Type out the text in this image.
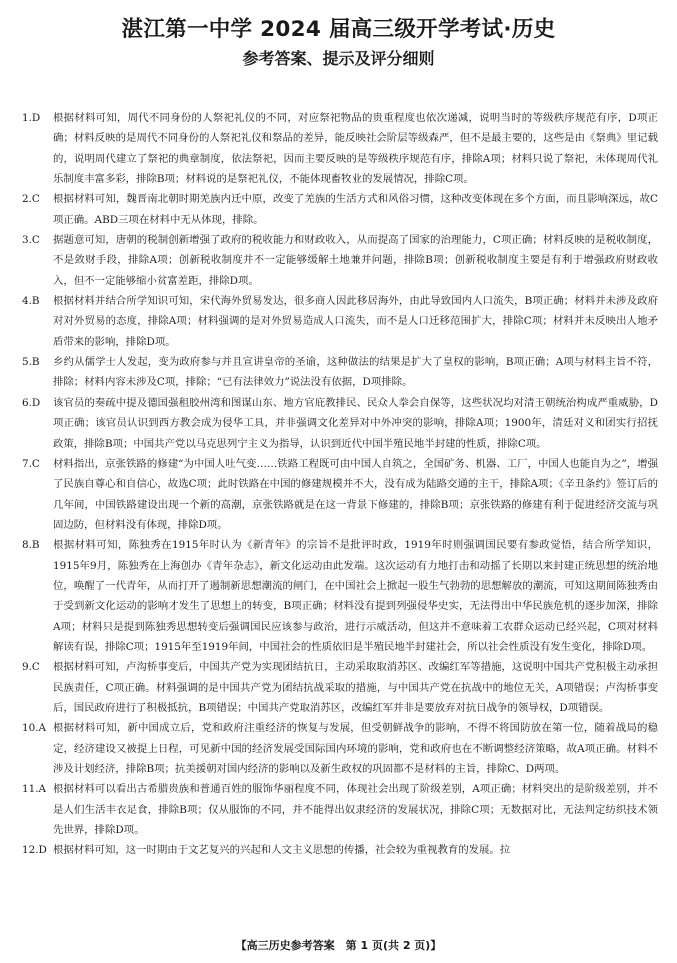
湛江第一中学 2024 届高三级开学考试·历史
参考答案、提示及评分细则
1.D	根据材料可知，周代不同身份的人祭祀礼仪的不同，对应祭祀物品的贵重程度也依次递减，说明当时的等级秩序规范有序，D项正确；材料反映的是周代不同身份的人祭祀礼仪和祭品的差异，能反映社会阶层等级森严，但不是最主要的，这些是由《祭典》里记载的，说明周代建立了祭祀的典章制度，依法祭祀，因而主要反映的是等级秩序规范有序，排除A项；材料只说了祭祀，未体现周代礼乐制度丰富多彩，排除B项；材料说的是祭祀礼仪，不能体现畜牧业的发展情况，排除C项。
2.C	根据材料可知，魏晋南北朝时期羌族内迁中原，改变了羌族的生活方式和风俗习惯，这种改变体现在多个方面，而且影响深远，故C项正确。ABD三项在材料中无从体现，排除。
3.C	据题意可知，唐朝的税制创新增强了政府的税收能力和财政收入，从而提高了国家的治理能力，C项正确；材料反映的是税收制度，不是敛财手段，排除A项；创新税收制度并不一定能够缓解土地兼并问题，排除B项；创新税收制度主要是有利于增强政府财政收入，但不一定能够缩小贫富差距，排除D项。
4.B	根据材料并结合所学知识可知，宋代海外贸易发达，很多商人因此移居海外，由此导致国内人口流失，B项正确；材料并未涉及政府对对外贸易的态度，排除A项；材料强调的是对外贸易造成人口流失，而不是人口迁移范围扩大，排除C项；材料并未反映出人地矛盾带来的影响，排除D项。
5.B	乡约从儒学士人发起，变为政府参与并且宣讲皇帝的圣谕，这种做法的结果是扩大了皇权的影响，B项正确；A项与材料主旨不符，排除；材料内容未涉及C项，排除；“已有法律效力”说法没有依据，D项排除。
6.D	该官员的奏疏中提及德国强租胶州湾和图谋山东、地方官庇教排民、民众人拳会自保等，这些状况均对清王朝统治构成严重威胁，D项正确；该官员认识到西方教会成为侵华工具，并非强调文化差异对中外冲突的影响，排除A项；1900年，清廷对义和团实行招抚政策，排除B项；中国共产党以马克思列宁主义为指导，认识到近代中国半殖民地半封建的性质，排除C项。
7.C	材料指出，京张铁路的修建“为中国人吐气变……铁路工程既可由中国人自筑之，全国矿务、机器、工厂，中国人也能自为之”，增强了民族自尊心和自信心，故选C项；此时铁路在中国的修建规模并不大，没有成为陆路交通的主干，排除A项；《辛丑条约》签订后的几年间，中国铁路建设出现一个新的高潮，京张铁路就是在这一背景下修建的，排除B项；京张铁路的修建有利于促进经济交流与巩固边防，但材料没有体现，排除D项。
8.B	根据材料可知，陈独秀在1915年时认为《新青年》的宗旨不是批评时政，1919年时则强调国民要有参政觉悟，结合所学知识，1915年9月，陈独秀在上海创办《青年杂志》，新文化运动由此发端。这次运动有力地打击和动摇了长期以来封建正统思想的统治地位，唤醒了一代青年，从而打开了遏制新思想潮流的闸门，在中国社会上掀起一股生气勃勃的思想解放的潮流，可知这期间陈独秀由于受到新文化运动的影响才发生了思想上的转变，B项正确；材料没有提到列强侵华史实，无法得出中华民族危机的逐步加深，排除A项；材料只是提到陈独秀思想转变后强调国民应该参与政治，进行示威活动，但这并不意味着工农群众运动已经兴起，C项对材料解读有误，排除C项；1915年至1919年间，中国社会的性质依旧是半殖民地半封建社会，所以社会性质没有发生变化，排除D项。
9.C	根据材料可知，卢沟桥事变后，中国共产党为实现团结抗日，主动采取取消苏区、改编红军等措施，这说明中国共产党积极主动承担民族责任，C项正确。材料强调的是中国共产党为团结抗战采取的措施，与中国共产党在抗战中的地位无关，A项错误；卢沟桥事变后，国民政府进行了积极抵抗，B项错误；中国共产党取消苏区，改编红军并非是要放弃对抗日战争的领导权，D项错误。
10.A 根据材料可知，新中国成立后，党和政府注重经济的恢复与发展，但受朝鲜战争的影响，不得不将国防放在第一位，随着战局的稳定，经济建设又被提上日程，可见新中国的经济发展受国际国内环境的影响，党和政府也在不断调整经济策略，故A项正确。材料不涉及计划经济，排除B项；抗美援朝对国内经济的影响以及新生政权的巩固都不是材料的主旨，排除C、D两项。
11.A 根据材料可以看出古希腊贵族和普通百姓的服饰华丽程度不同，体现社会出现了阶级差别，A项正确；材料突出的是阶级差别，并不是人们生活丰衣足食，排除B项；仅从服饰的不同，并不能得出奴隶经济的发展状况，排除C项；无数据对比，无法判定纺织技术领先世界，排除D项。
12.D 根据材料可知，这一时期由于文艺复兴的兴起和人文主义思想的传播，社会较为重视教育的发展。拉
【高三历史参考答案　第 1 页(共 2 页)】
